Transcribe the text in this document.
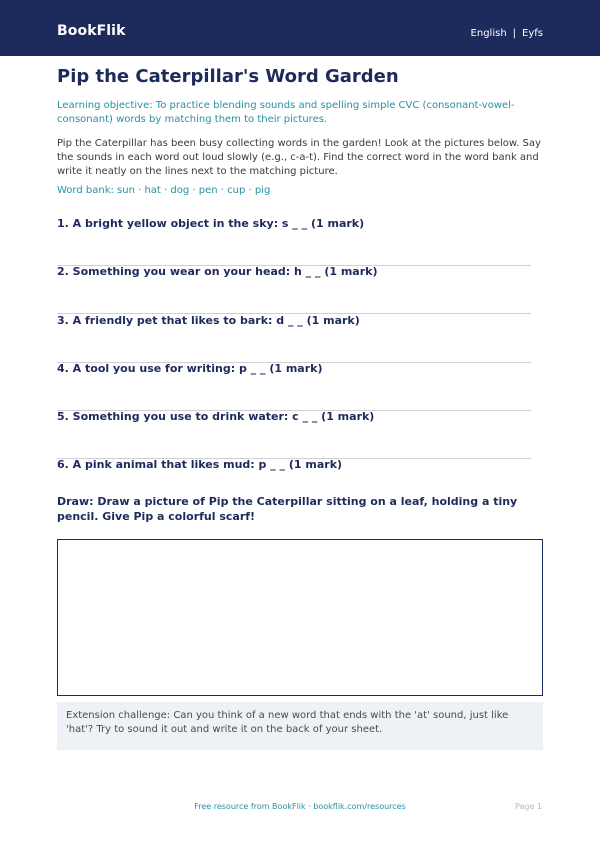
BookFlik	English | Eyfs
Pip the Caterpillar's Word Garden
Learning objective: To practice blending sounds and spelling simple CVC (consonant-vowel-consonant) words by matching them to their pictures.
Pip the Caterpillar has been busy collecting words in the garden! Look at the pictures below. Say the sounds in each word out loud slowly (e.g., c-a-t). Find the correct word in the word bank and write it neatly on the lines next to the matching picture.
Word bank: sun · hat · dog · pen · cup · pig
1. A bright yellow object in the sky: s _ _ (1 mark)
2. Something you wear on your head: h _ _ (1 mark)
3. A friendly pet that likes to bark: d _ _ (1 mark)
4. A tool you use for writing: p _ _ (1 mark)
5. Something you use to drink water: c _ _ (1 mark)
6. A pink animal that likes mud: p _ _ (1 mark)
Draw: Draw a picture of Pip the Caterpillar sitting on a leaf, holding a tiny pencil. Give Pip a colorful scarf!
Extension challenge: Can you think of a new word that ends with the 'at' sound, just like 'hat'? Try to sound it out and write it on the back of your sheet.
Free resource from BookFlik · bookflik.com/resources	Page 1
